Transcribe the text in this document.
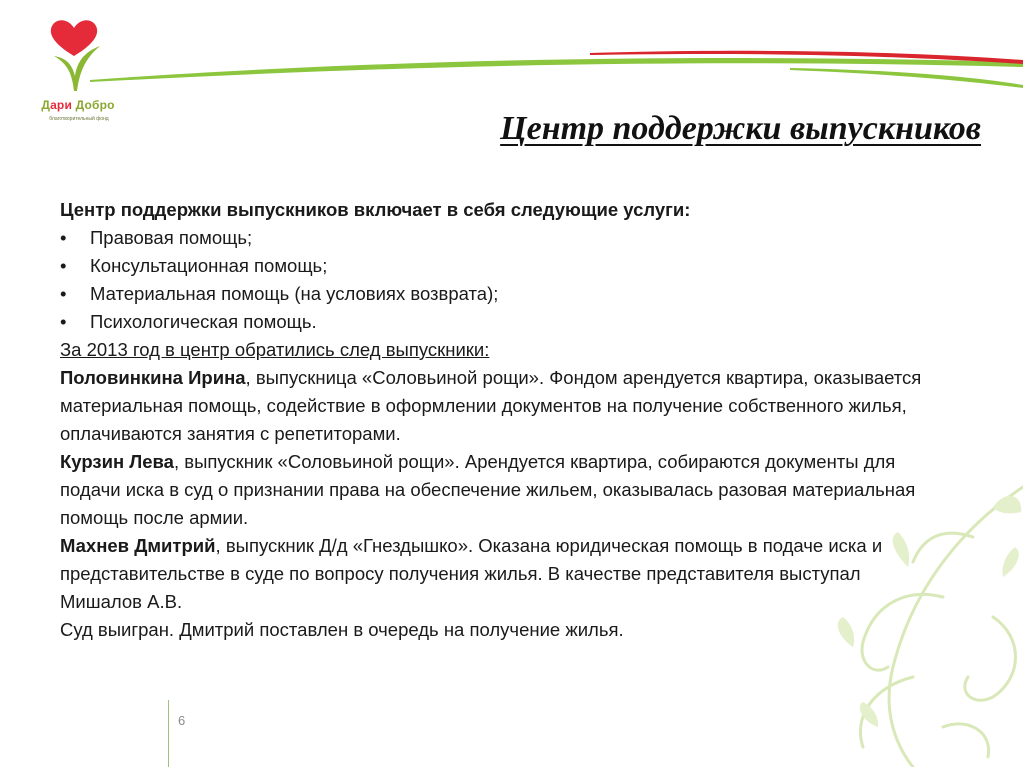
Дари Добро
благотворительный фонд	Центр поддержки выпускников

Центр поддержки выпускников включает в себя следующие услуги:

• Правовая помощь;
• Консультационная помощь;
• Материальная помощь (на условиях возврата);
• Психологическая помощь.

За 2013 год в центр обратились след выпускники:

Половинкина Ирина, выпускница «Соловьиной рощи». Фондом арендуется квартира, оказывается материальная помощь, содействие в оформлении документов на получение собственного жилья, оплачиваются занятия с репетиторами.

Курзин Лева, выпускник «Соловьиной рощи». Арендуется квартира, собираются документы для подачи иска в суд о признании права на обеспечение жильем, оказывалась разовая материальная помощь после армии.

Махнев Дмитрий, выпускник Д/д «Гнездышко». Оказана юридическая помощь в подаче иска и представительстве в суде по вопросу получения жилья. В качестве представителя выступал Мишалов А.В.

Суд выигран. Дмитрий поставлен в очередь на получение жилья.

6
